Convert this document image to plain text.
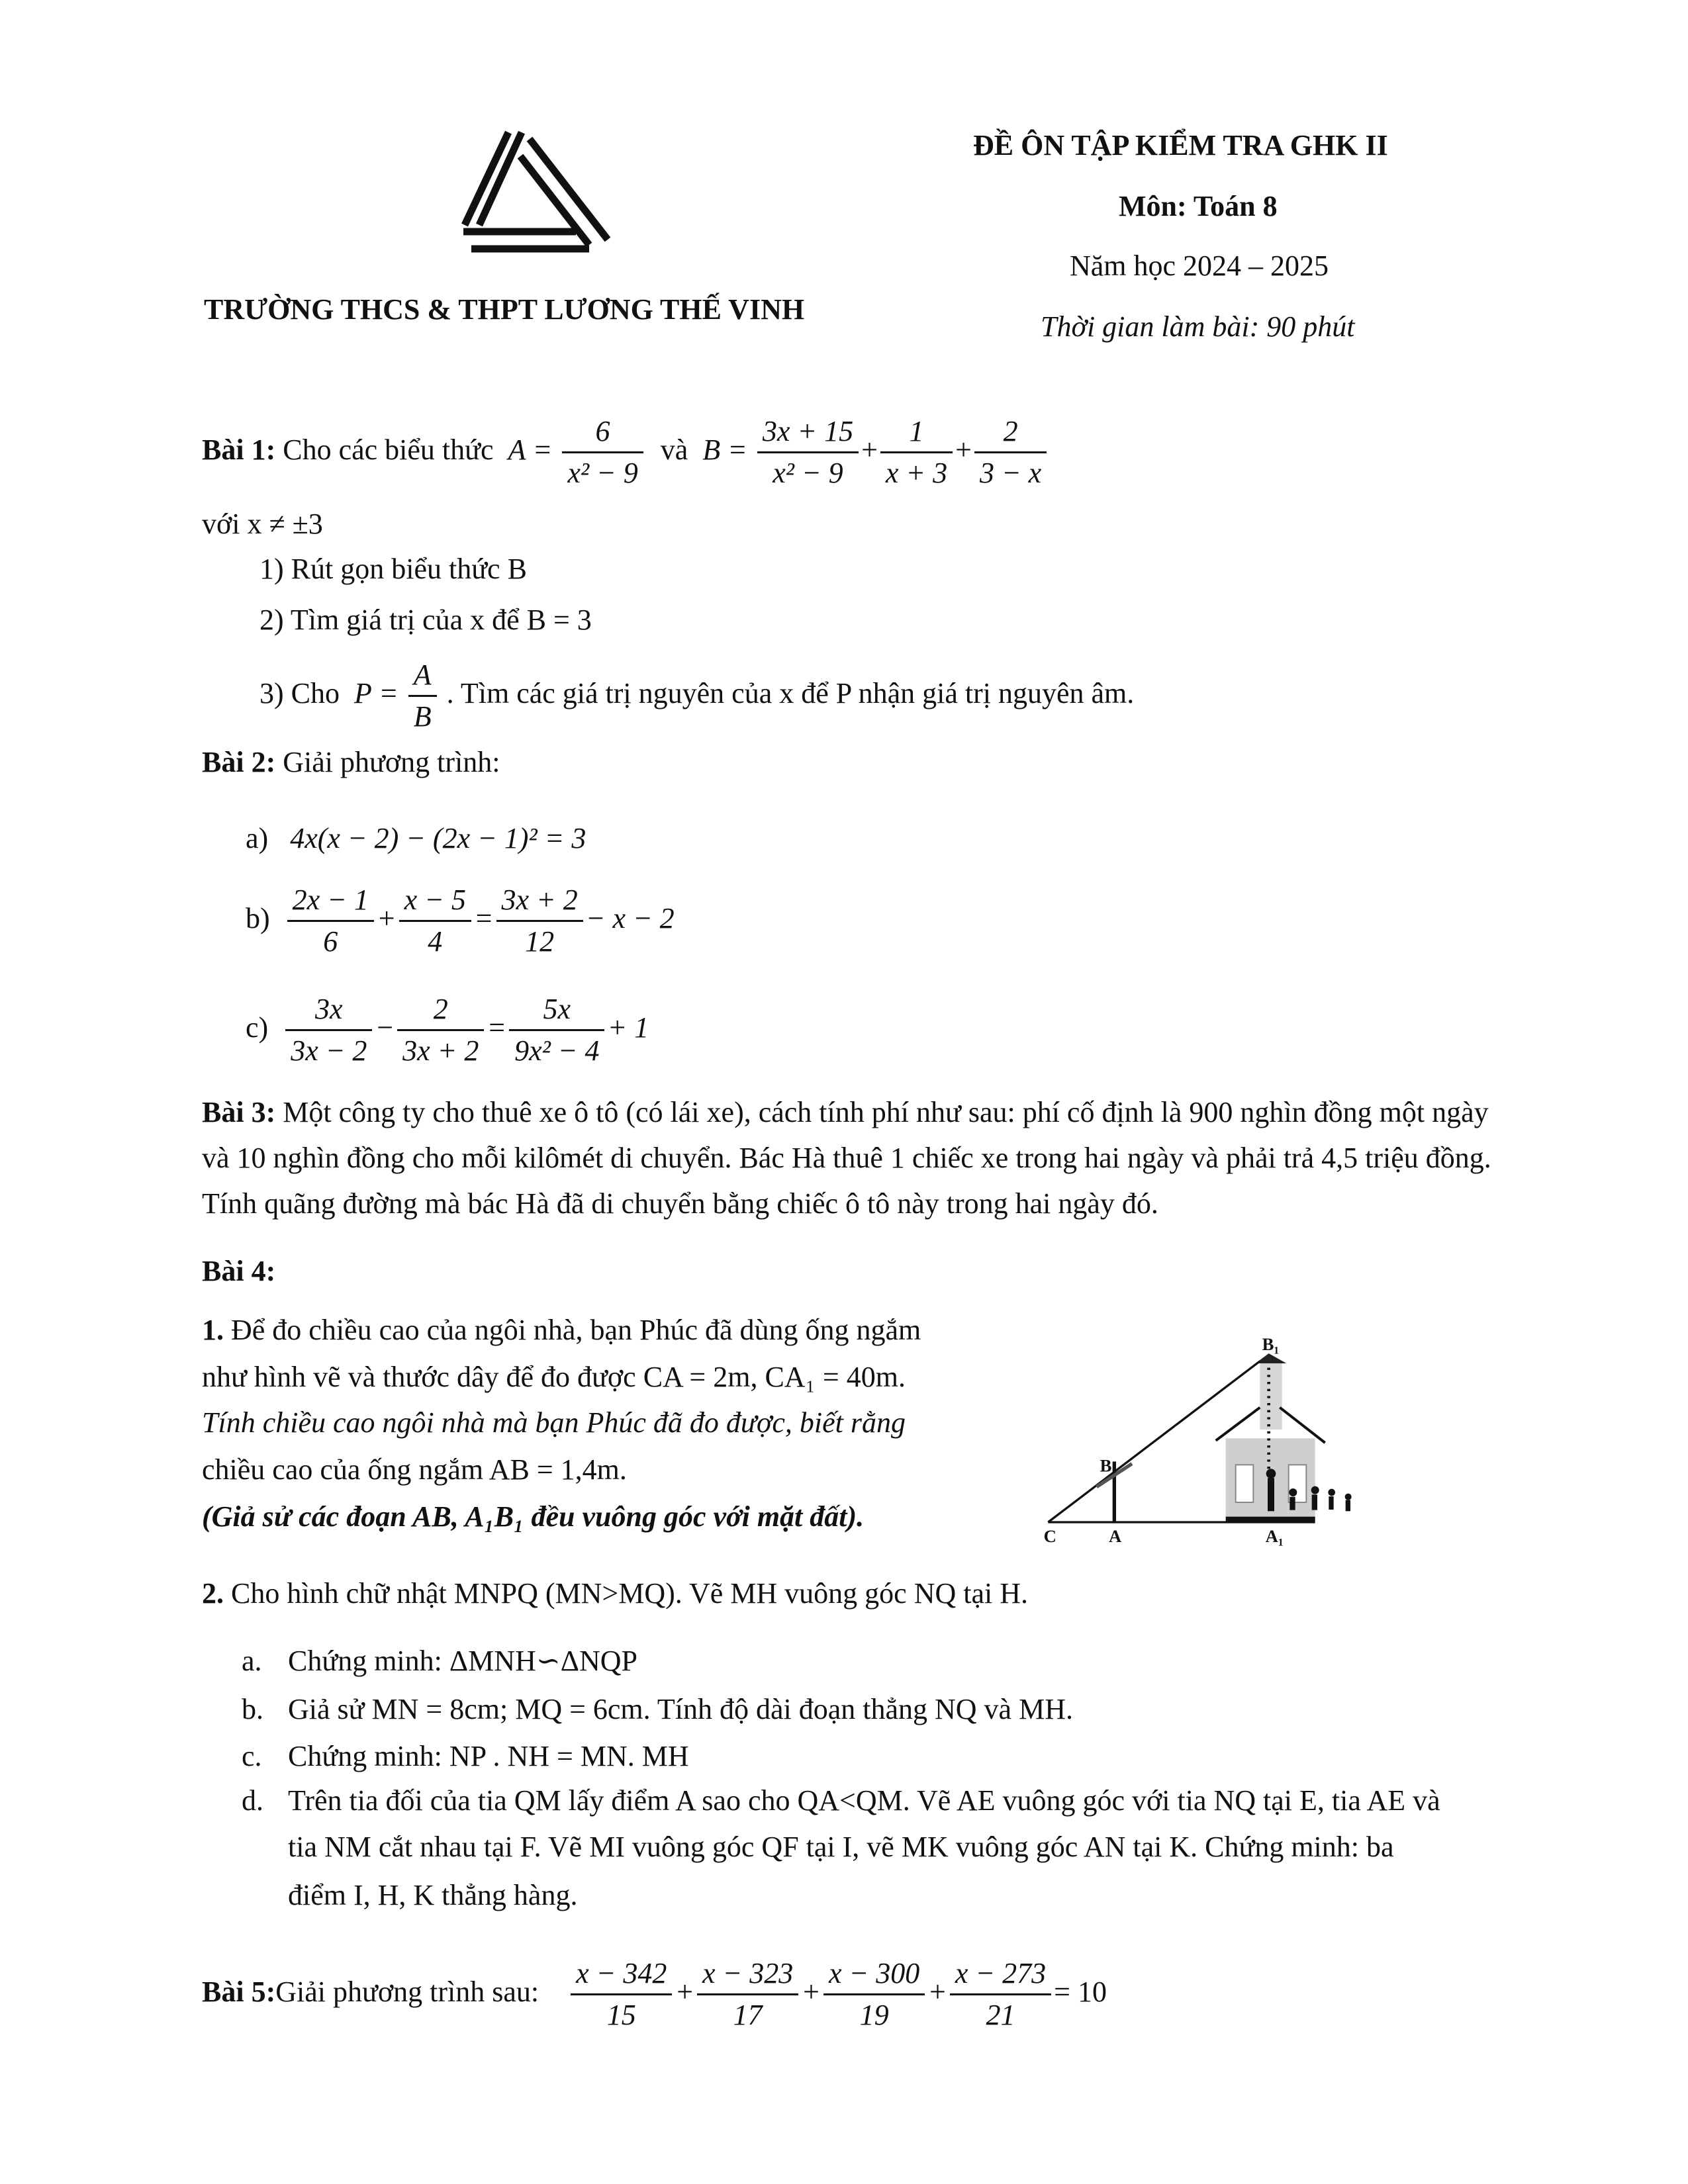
TRƯỜNG THCS & THPT LƯƠNG THẾ VINH
ĐỀ ÔN TẬP KIỂM TRA GHK II
Môn: Toán 8
Năm học 2024 – 2025
Thời gian làm bài: 90 phút
Bài 1: Cho các biểu thức $A = \frac{6}{\text{x² − 9}}$ và $B = \frac{3x + 15}{\text{x² − 9}} + \frac{1}{x + 3} + \frac{2}{3 - x}$
với x ≠ ±3
1) Rút gọn biểu thức B
2) Tìm giá trị của x để B = 3
3) Cho $P = \frac{A}{B}$ . Tìm các giá trị nguyên của x để P nhận giá trị nguyên âm.
Bài 2: Giải phương trình:
a) 4x(x − 2) − (2x − 1)² = 3
$b) \frac{2x - 1}{6} + \frac{x - 5}{4} = \frac{3x + 2}{12} - x - 2$
$c) \frac{3x}{3x - 2} - \frac{2}{3x + 2} = \frac{5x}{\text{9x² − 4}} + 1$
Bài 3: Một công ty cho thuê xe ô tô (có lái xe), cách tính phí như sau: phí cố định là 900 nghìn đồng một ngày
và 10 nghìn đồng cho mỗi kilômét di chuyển. Bác Hà thuê 1 chiếc xe trong hai ngày và phải trả 4,5 triệu đồng.
Tính quãng đường mà bác Hà đã di chuyển bằng chiếc ô tô này trong hai ngày đó.
Bài 4:
1. Để đo chiều cao của ngôi nhà, bạn Phúc đã dùng ống ngắm
như hình vẽ và thước dây để đo được CA = 2m, CA₁ = 40m.
Tính chiều cao ngôi nhà mà bạn Phúc đã đo được, biết rằng
chiều cao của ống ngắm AB = 1,4m.
(Giả sử các đoạn AB, A₁B₁ đều vuông góc với mặt đất).
B₁
B
C A	A₁
2. Cho hình chữ nhật MNPQ (MN>MQ). Vẽ MH vuông góc NQ tại H.
a. Chứng minh: ΔMNH∽ΔNQP
b. Giả sử MN = 8cm; MQ = 6cm. Tính độ dài đoạn thẳng NQ và MH.
c. Chứng minh: NP . NH = MN. MH
d. Trên tia đối của tia QM lấy điểm A sao cho QA<QM. Vẽ AE vuông góc với tia NQ tại E, tia AE và
tia NM cắt nhau tại F. Vẽ MI vuông góc QF tại I, vẽ MK vuông góc AN tại K. Chứng minh: ba
điểm I, H, K thẳng hàng.
Bài 5:Giải phương trình sau: $\frac{x - 342}{15} + \frac{x - 323}{17} + \frac{x - 300}{19} + \frac{x - 273}{21} = 10$
